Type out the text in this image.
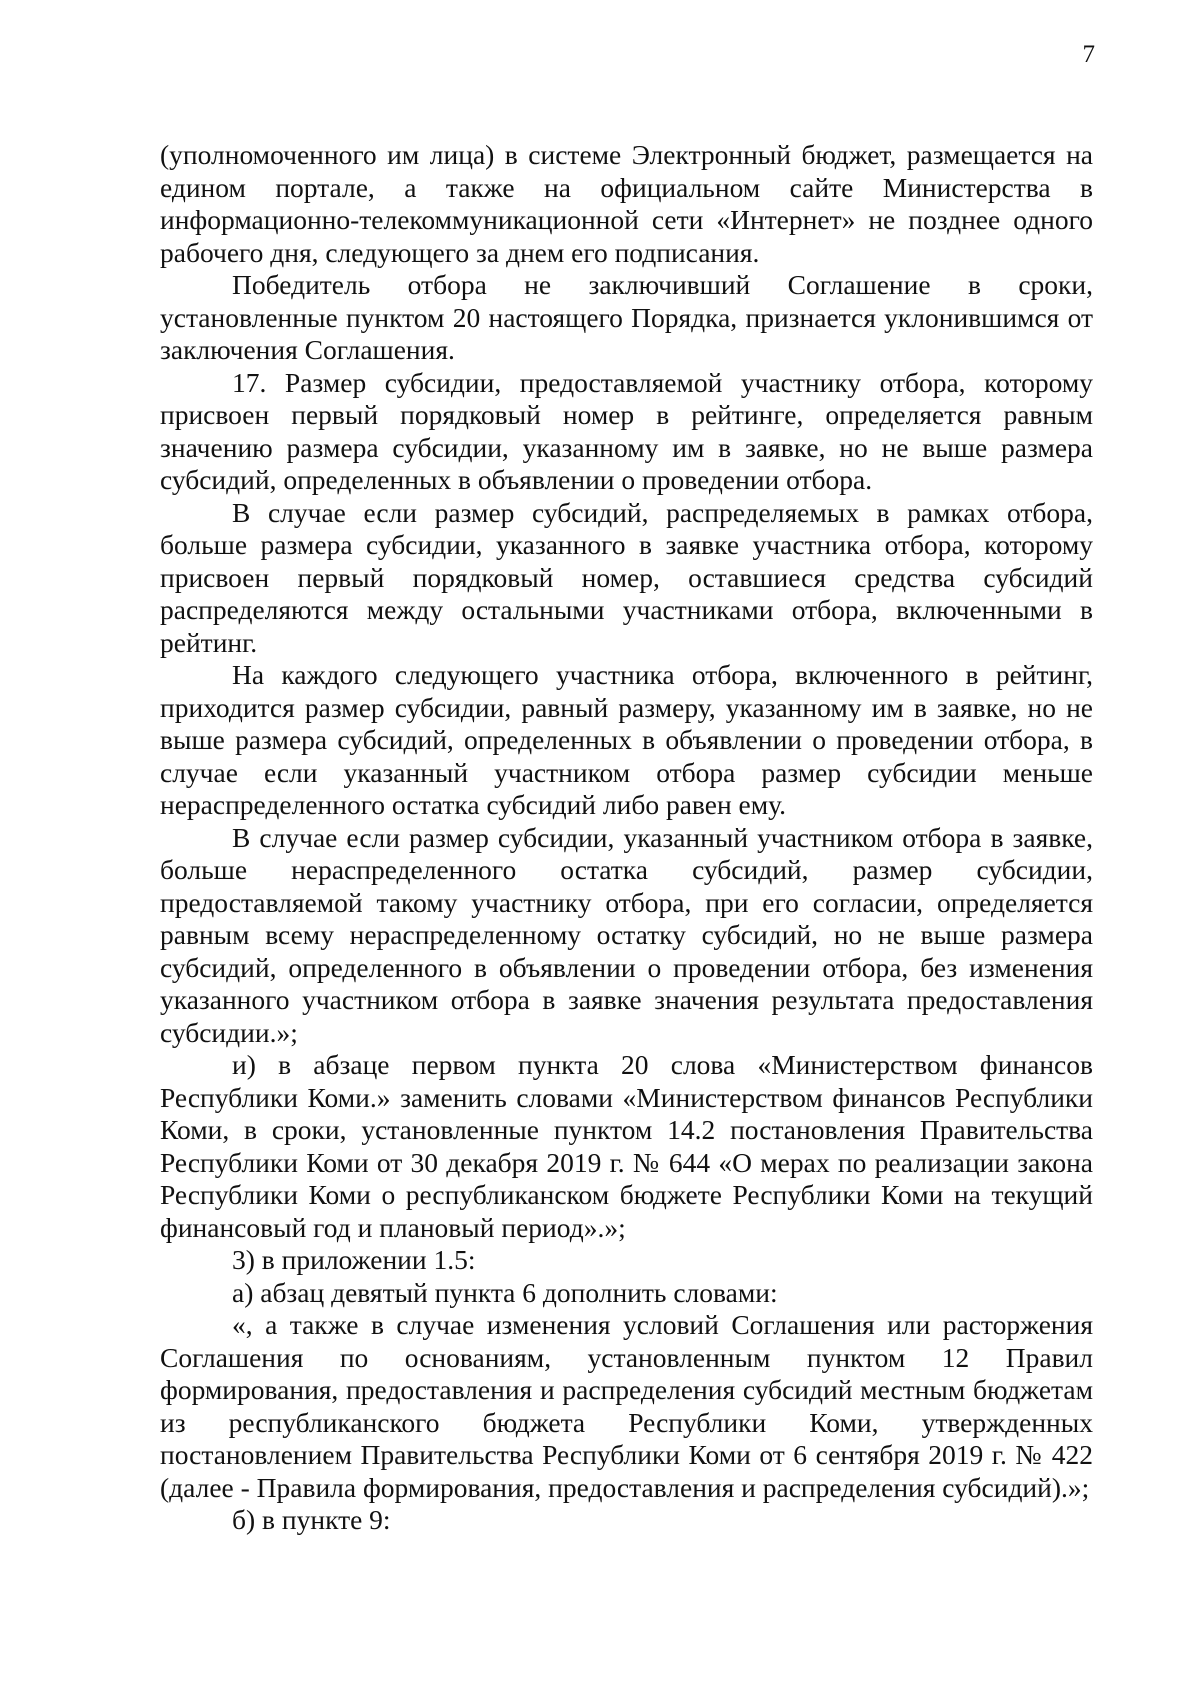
7

(уполномоченного им лица) в системе Электронный бюджет, размещается на едином портале, а также на официальном сайте Министерства в информационно-телекоммуникационной сети «Интернет» не позднее одного рабочего дня, следующего за днем его подписания.

Победитель отбора не заключивший Соглашение в сроки, установленные пунктом 20 настоящего Порядка, признается уклонившимся от заключения Соглашения.

17. Размер субсидии, предоставляемой участнику отбора, которому присвоен первый порядковый номер в рейтинге, определяется равным значению размера субсидии, указанному им в заявке, но не выше размера субсидий, определенных в объявлении о проведении отбора.

В случае если размер субсидий, распределяемых в рамках отбора, больше размера субсидии, указанного в заявке участника отбора, которому присвоен первый порядковый номер, оставшиеся средства субсидий распределяются между остальными участниками отбора, включенными в рейтинг.

На каждого следующего участника отбора, включенного в рейтинг, приходится размер субсидии, равный размеру, указанному им в заявке, но не выше размера субсидий, определенных в объявлении о проведении отбора, в случае если указанный участником отбора размер субсидии меньше нераспределенного остатка субсидий либо равен ему.

В случае если размер субсидии, указанный участником отбора в заявке, больше нераспределенного остатка субсидий, размер субсидии, предоставляемой такому участнику отбора, при его согласии, определяется равным всему нераспределенному остатку субсидий, но не выше размера субсидий, определенного в объявлении о проведении отбора, без изменения указанного участником отбора в заявке значения результата предоставления субсидии.»;

и) в абзаце первом пункта 20 слова «Министерством финансов Республики Коми.» заменить словами «Министерством финансов Республики Коми, в сроки, установленные пунктом 14.2 постановления Правительства Республики Коми от 30 декабря 2019 г. № 644 «О мерах по реализации закона Республики Коми о республиканском бюджете Республики Коми на текущий финансовый год и плановый период».»;

3) в приложении 1.5:

а) абзац девятый пункта 6 дополнить словами:

«, а также в случае изменения условий Соглашения или расторжения Соглашения по основаниям, установленным пунктом 12 Правил формирования, предоставления и распределения субсидий местным бюджетам из республиканского бюджета Республики Коми, утвержденных постановлением Правительства Республики Коми от 6 сентября 2019 г. № 422 (далее - Правила формирования, предоставления и распределения субсидий).»;

б) в пункте 9:
